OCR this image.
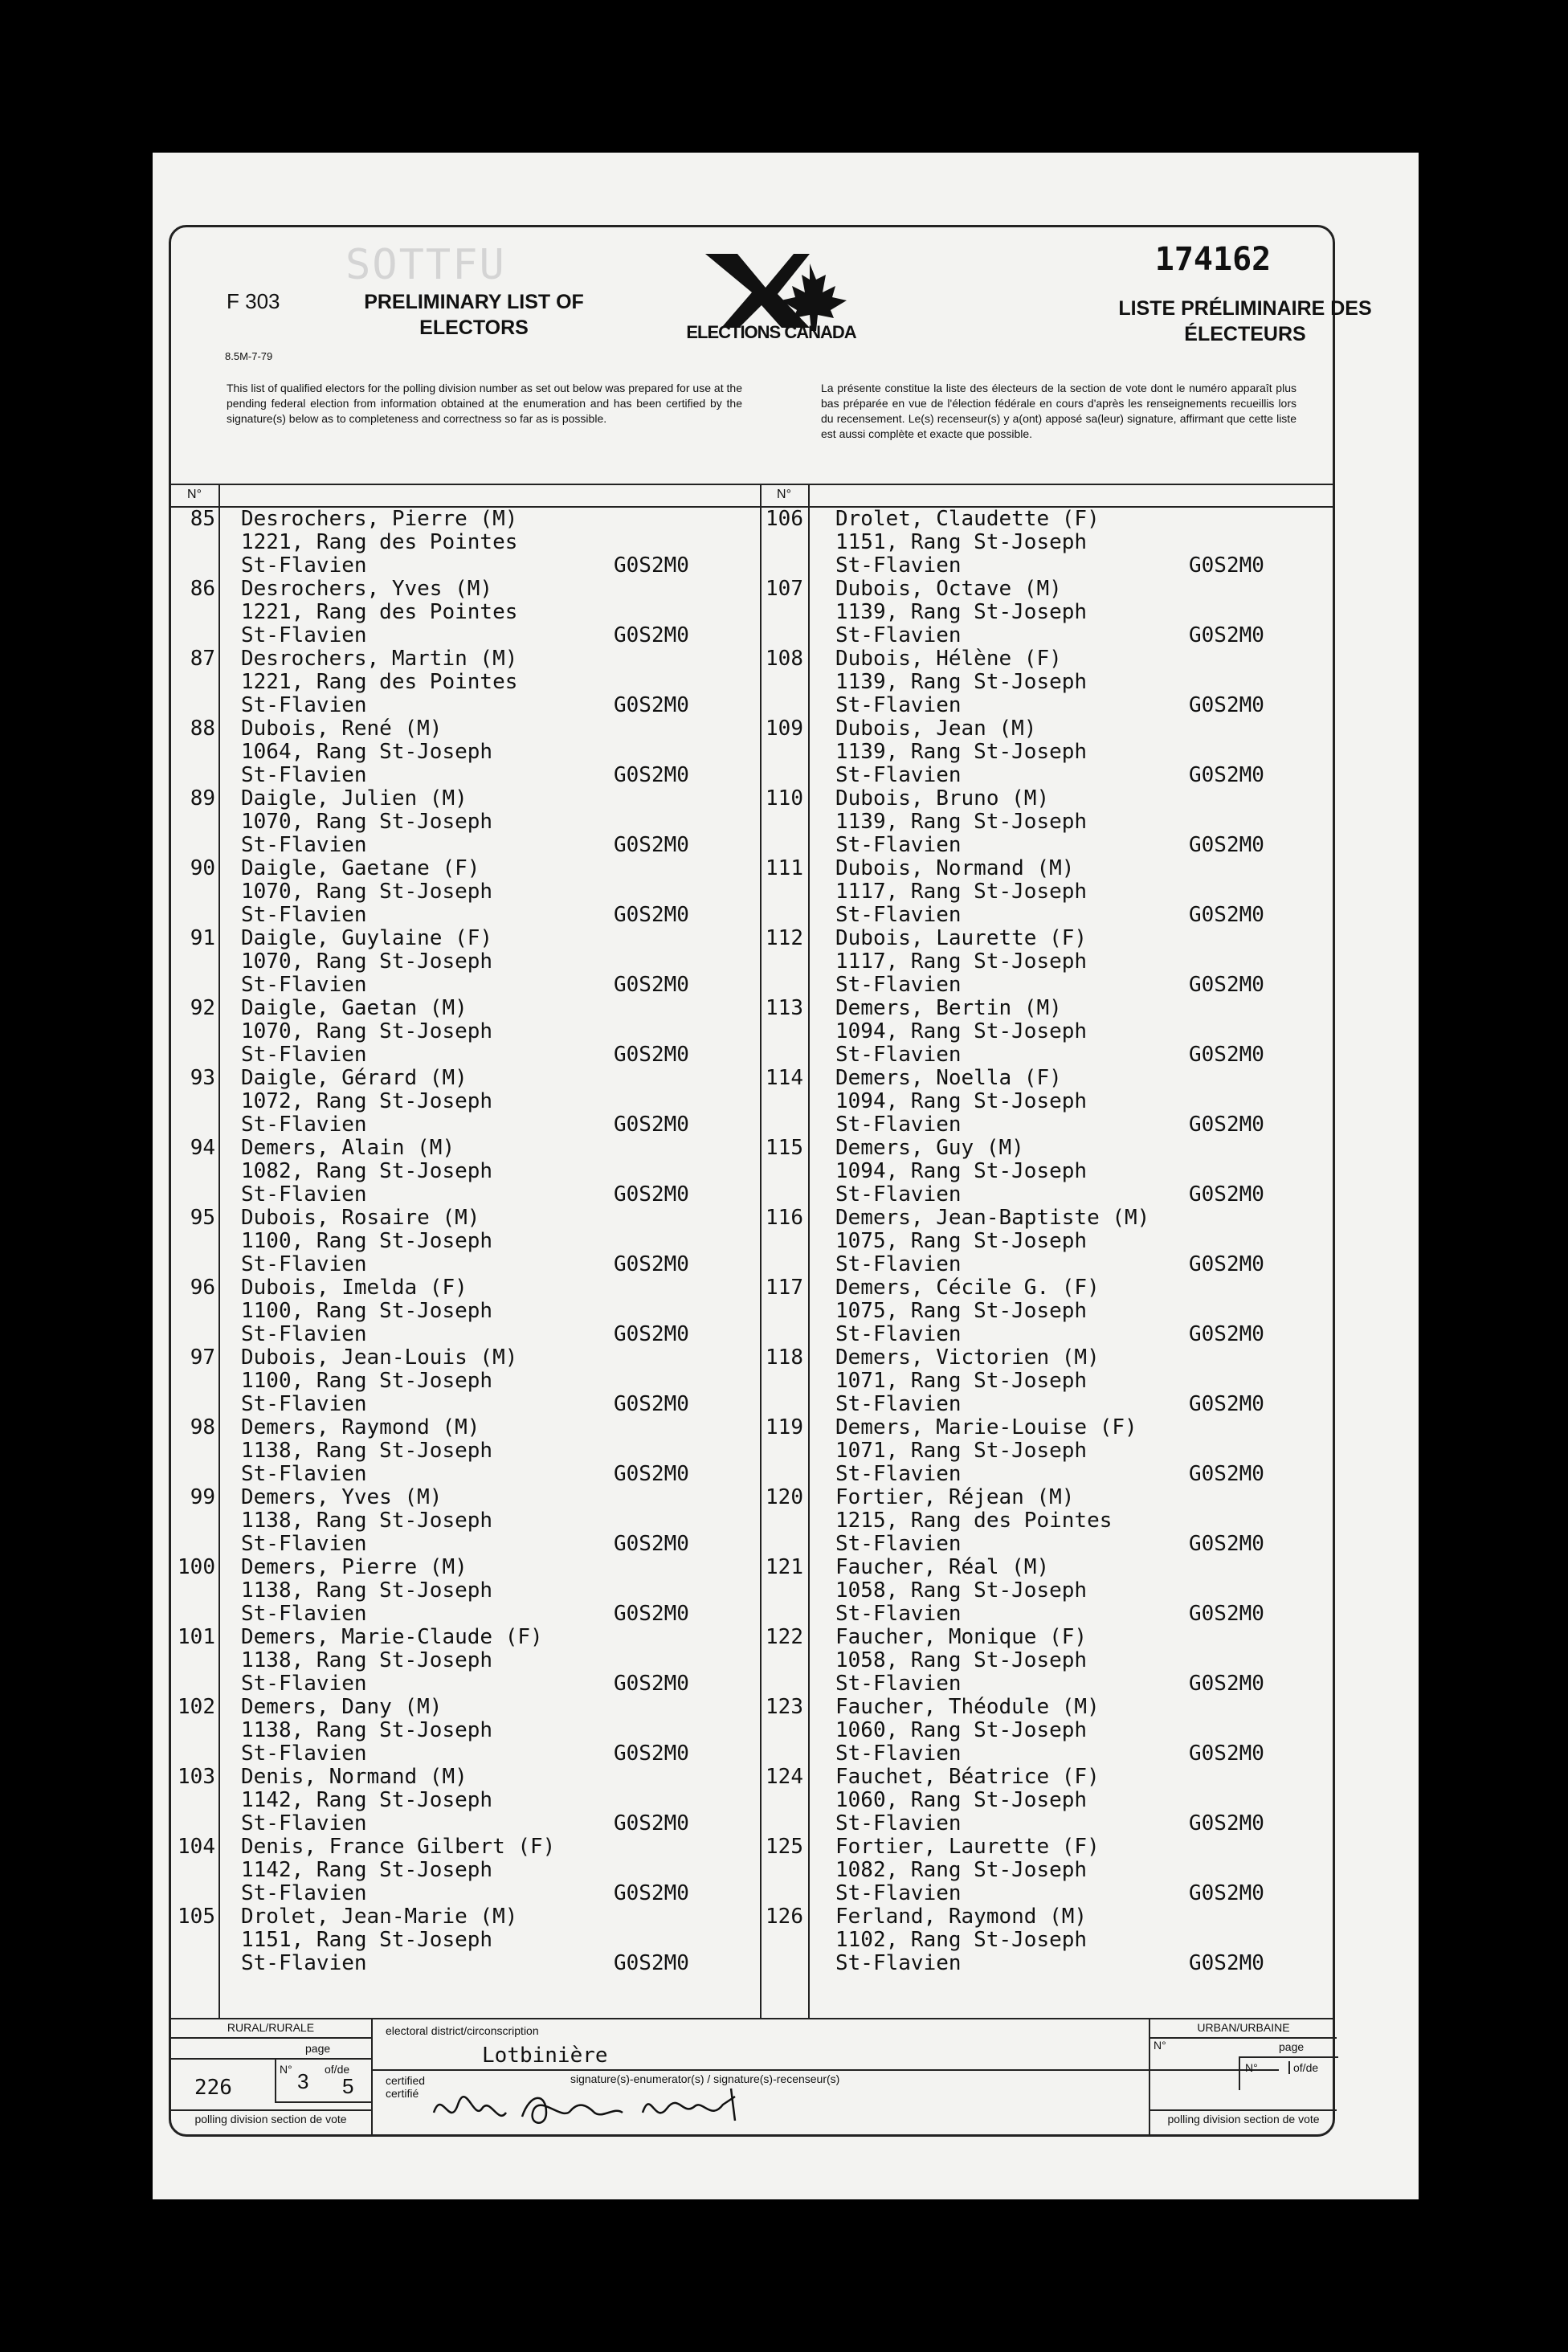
F 303
SOTTFU
PRELIMINARY LIST OF ELECTORS	ELECTIONS CANADA
174162
LISTE PRÉLIMINAIRE DES ÉLECTEURS
8.5M-7-79
This list of qualified electors for the polling division number as set out below was prepared for use at the pending federal election from information obtained at the enumeration and has been certified by the signature(s) below as to completeness and correctness so far as is possible.
La présente constitue la liste des électeurs de la section de vote dont le numéro apparaît plus bas préparée en vue de l'élection fédérale en cours d'après les renseignements recueillis lors du recensement. Le(s) recenseur(s) y a(ont) apposé sa(leur) signature, affirmant que cette liste est aussi complète et exacte que possible.
N°	N°
85 Desrochers, Pierre (M)
1221, Rang des Pointes
St-Flavien	G0S2M0
86 Desrochers, Yves (M)
1221, Rang des Pointes
St-Flavien	G0S2M0
87 Desrochers, Martin (M)
1221, Rang des Pointes
St-Flavien	G0S2M0
88 Dubois, René (M)
1064, Rang St-Joseph
St-Flavien	G0S2M0
89 Daigle, Julien (M)
1070, Rang St-Joseph
St-Flavien	G0S2M0
90 Daigle, Gaetane (F)
1070, Rang St-Joseph
St-Flavien	G0S2M0
91 Daigle, Guylaine (F)
1070, Rang St-Joseph
St-Flavien	G0S2M0
92 Daigle, Gaetan (M)
1070, Rang St-Joseph
St-Flavien	G0S2M0
93 Daigle, Gérard (M)
1072, Rang St-Joseph
St-Flavien	G0S2M0
94 Demers, Alain (M)
1082, Rang St-Joseph
St-Flavien	G0S2M0
95 Dubois, Rosaire (M)
1100, Rang St-Joseph
St-Flavien	G0S2M0
96 Dubois, Imelda (F)
1100, Rang St-Joseph
St-Flavien	G0S2M0
97 Dubois, Jean-Louis (M)
1100, Rang St-Joseph
St-Flavien	G0S2M0
98 Demers, Raymond (M)
1138, Rang St-Joseph
St-Flavien	G0S2M0
99 Demers, Yves (M)
1138, Rang St-Joseph
St-Flavien	G0S2M0
100 Demers, Pierre (M)
1138, Rang St-Joseph
St-Flavien	G0S2M0
101 Demers, Marie-Claude (F)
1138, Rang St-Joseph
St-Flavien	G0S2M0
102 Demers, Dany (M)
1138, Rang St-Joseph
St-Flavien	G0S2M0
103 Denis, Normand (M)
1142, Rang St-Joseph
St-Flavien	G0S2M0
104 Denis, France Gilbert (F)
1142, Rang St-Joseph
St-Flavien	G0S2M0
105 Drolet, Jean-Marie (M)
1151, Rang St-Joseph
St-Flavien	G0S2M0
106 Drolet, Claudette (F)
1151, Rang St-Joseph
St-Flavien	G0S2M0
107 Dubois, Octave (M)
1139, Rang St-Joseph
St-Flavien	G0S2M0
108 Dubois, Hélène (F)
1139, Rang St-Joseph
St-Flavien	G0S2M0
109 Dubois, Jean (M)
1139, Rang St-Joseph
St-Flavien	G0S2M0
110 Dubois, Bruno (M)
1139, Rang St-Joseph
St-Flavien	G0S2M0
111 Dubois, Normand (M)
1117, Rang St-Joseph
St-Flavien	G0S2M0
112 Dubois, Laurette (F)
1117, Rang St-Joseph
St-Flavien	G0S2M0
113 Demers, Bertin (M)
1094, Rang St-Joseph
St-Flavien	G0S2M0
114 Demers, Noella (F)
1094, Rang St-Joseph
St-Flavien	G0S2M0
115 Demers, Guy (M)
1094, Rang St-Joseph
St-Flavien	G0S2M0
116 Demers, Jean-Baptiste (M)
1075, Rang St-Joseph
St-Flavien	G0S2M0
117 Demers, Cécile G. (F)
1075, Rang St-Joseph
St-Flavien	G0S2M0
118 Demers, Victorien (M)
1071, Rang St-Joseph
St-Flavien	G0S2M0
119 Demers, Marie-Louise (F)
1071, Rang St-Joseph
St-Flavien	G0S2M0
120 Fortier, Réjean (M)
1215, Rang des Pointes
St-Flavien	G0S2M0
121 Faucher, Réal (M)
1058, Rang St-Joseph
St-Flavien	G0S2M0
122 Faucher, Monique (F)
1058, Rang St-Joseph
St-Flavien	G0S2M0
123 Faucher, Théodule (M)
1060, Rang St-Joseph
St-Flavien	G0S2M0
124 Fauchet, Béatrice (F)
1060, Rang St-Joseph
St-Flavien	G0S2M0
125 Fortier, Laurette (F)
1082, Rang St-Joseph
St-Flavien	G0S2M0
126 Ferland, Raymond (M)
1102, Rang St-Joseph
St-Flavien	G0S2M0
RURAL/RURALE
page
226
N° 3 of/de
5
polling division section de vote
electoral district/circonscription
Lotbinière
certified certifié
signature(s)-enumerator(s) / signature(s)-recenseur(s)
URBAN/URBAINE
N°	page
N°	of/de
polling division section de vote
